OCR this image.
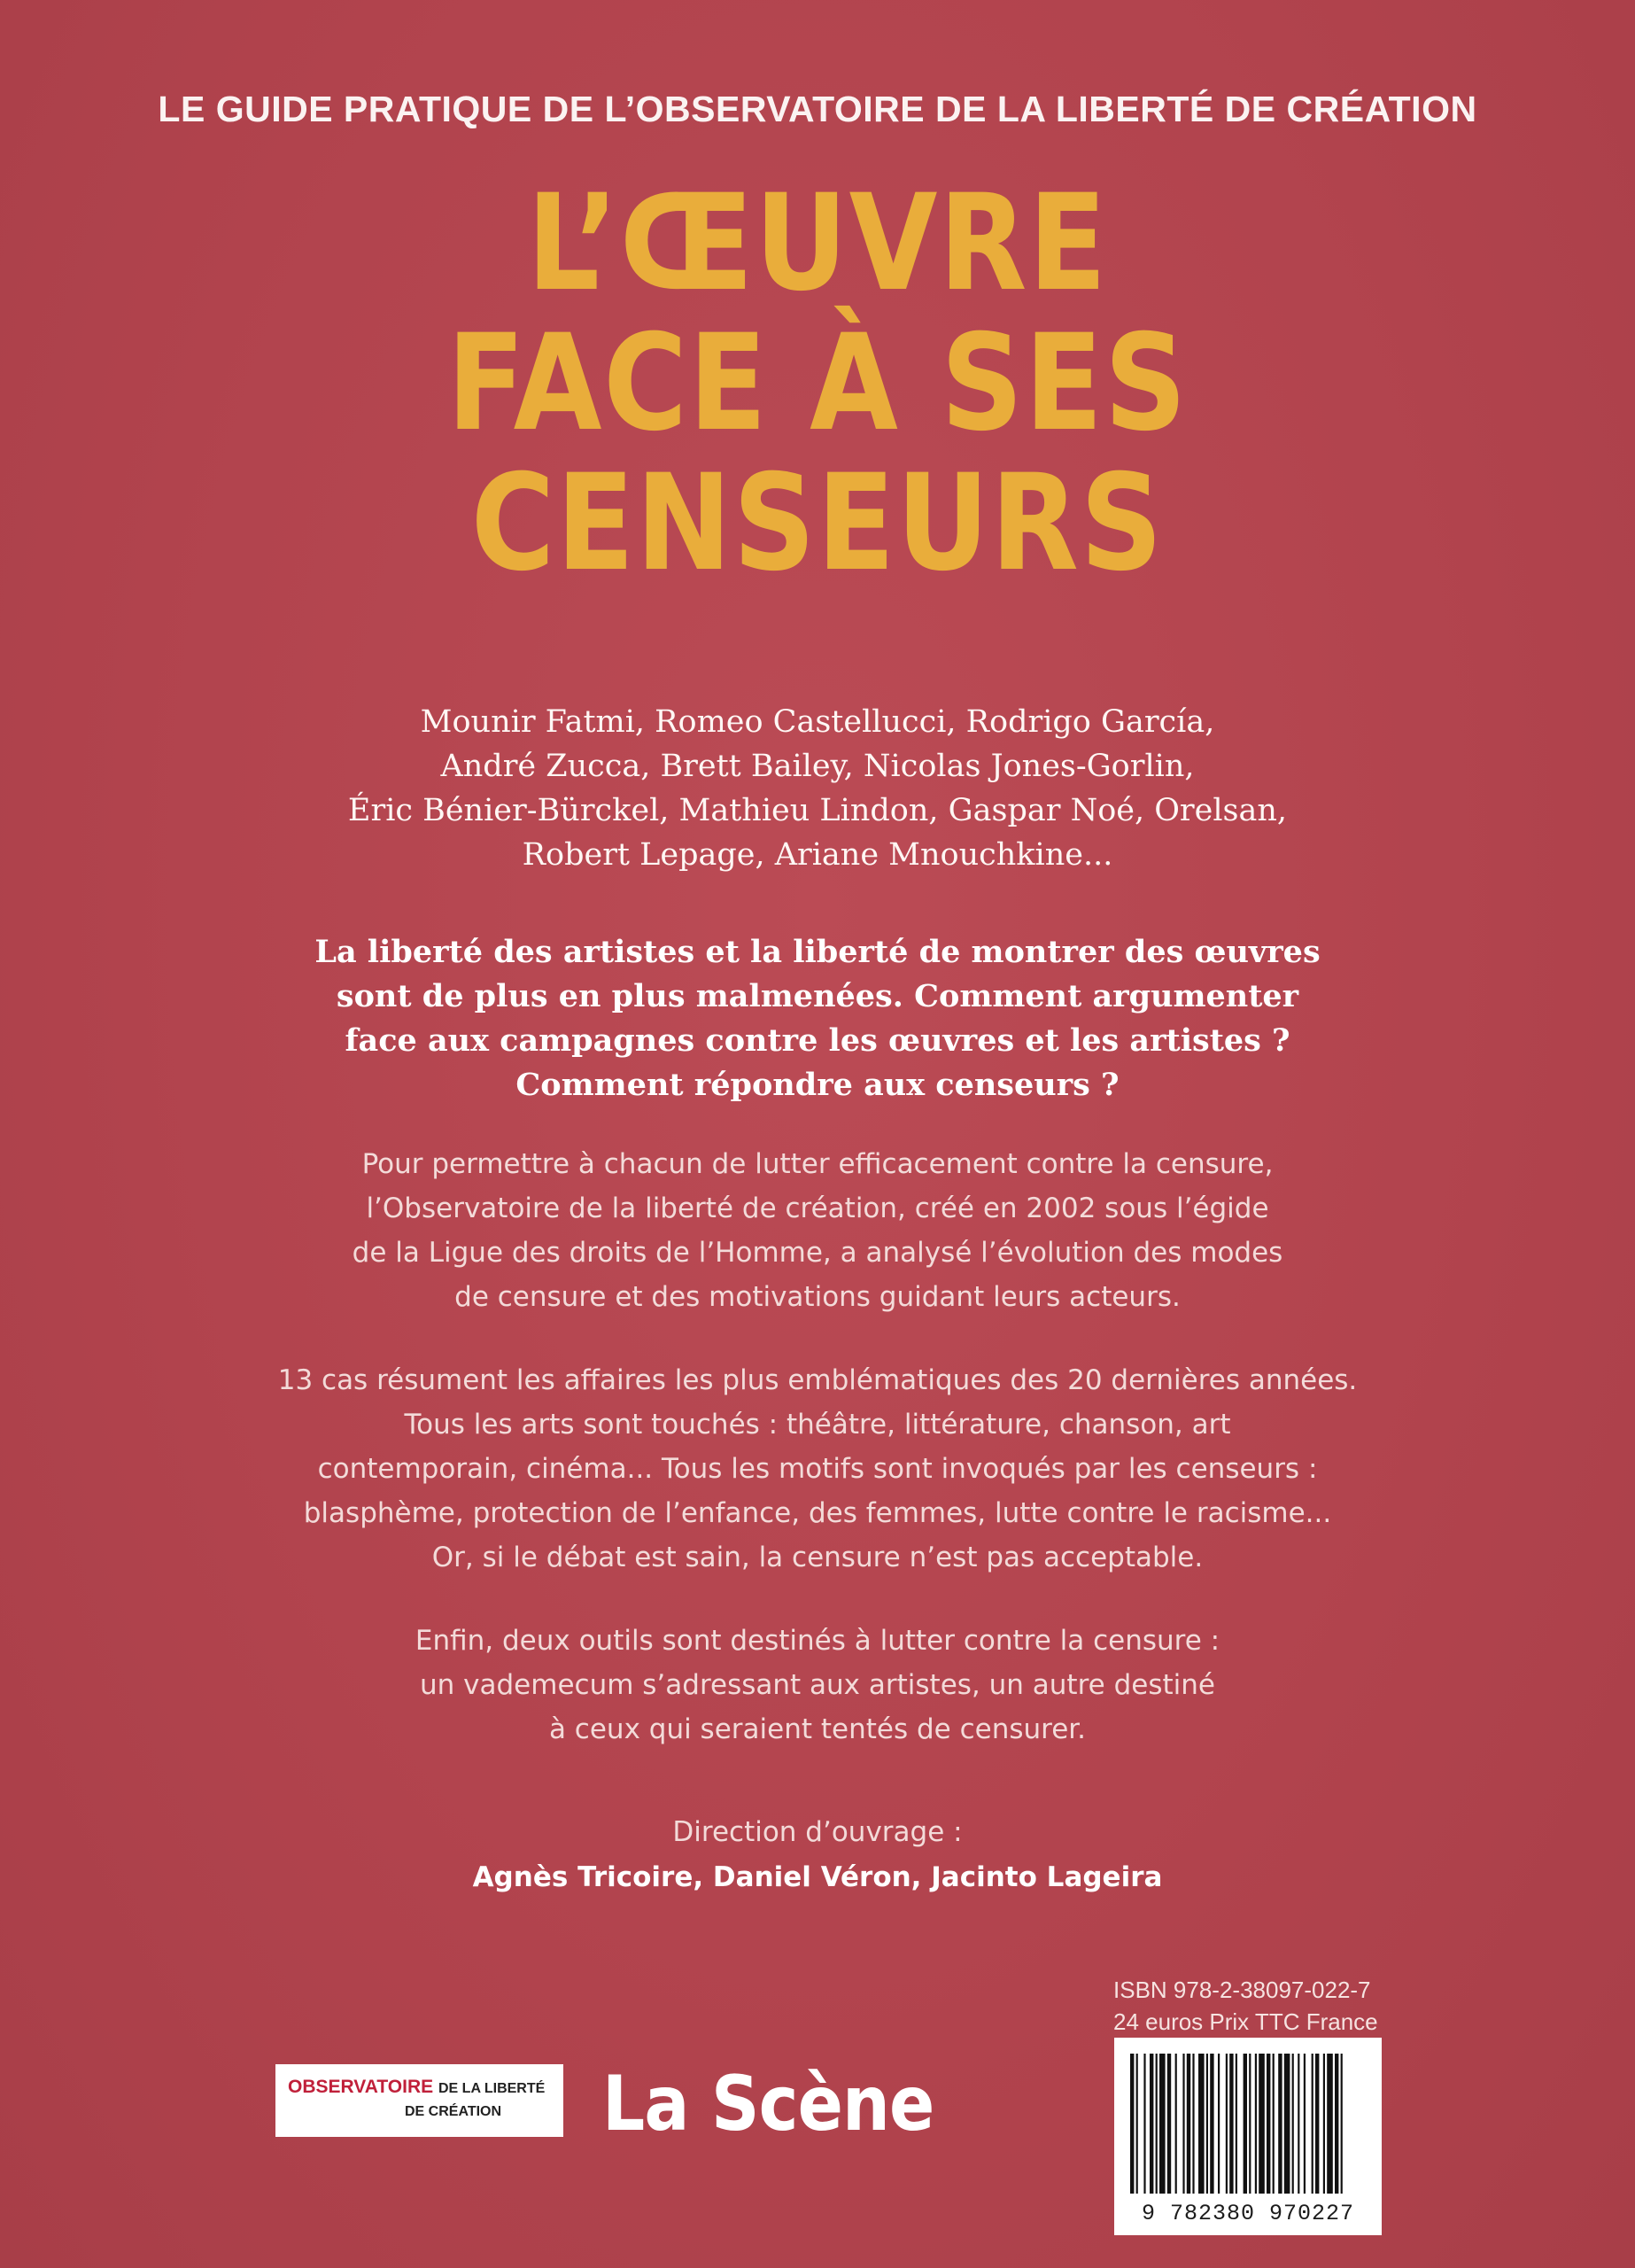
LE GUIDE PRATIQUE DE L’OBSERVATOIRE DE LA LIBERTÉ DE CRÉATION
L’ŒUVRE
FACE À SES
CENSEURS
Mounir Fatmi, Romeo Castellucci, Rodrigo García,
André Zucca, Brett Bailey, Nicolas Jones-Gorlin,
Éric Bénier-Bürckel, Mathieu Lindon, Gaspar Noé, Orelsan,
Robert Lepage, Ariane Mnouchkine...
La liberté des artistes et la liberté de montrer des œuvres
sont de plus en plus malmenées. Comment argumenter
face aux campagnes contre les œuvres et les artistes ?
Comment répondre aux censeurs ?
Pour permettre à chacun de lutter efficacement contre la censure,
l’Observatoire de la liberté de création, créé en 2002 sous l’égide
de la Ligue des droits de l’Homme, a analysé l’évolution des modes
de censure et des motivations guidant leurs acteurs.
13 cas résument les affaires les plus emblématiques des 20 dernières années.
Tous les arts sont touchés : théâtre, littérature, chanson, art
contemporain, cinéma... Tous les motifs sont invoqués par les censeurs :
blasphème, protection de l’enfance, des femmes, lutte contre le racisme...
Or, si le débat est sain, la censure n’est pas acceptable.
Enfin, deux outils sont destinés à lutter contre la censure :
un vademecum s’adressant aux artistes, un autre destiné
à ceux qui seraient tentés de censurer.
Direction d’ouvrage :
Agnès Tricoire, Daniel Véron, Jacinto Lageira
ISBN 978-2-38097-022-7
24 euros Prix TTC France
9 782380 970227
OBSERVATOIRE DE LA LIBERTÉ
DE CRÉATION La Scène
